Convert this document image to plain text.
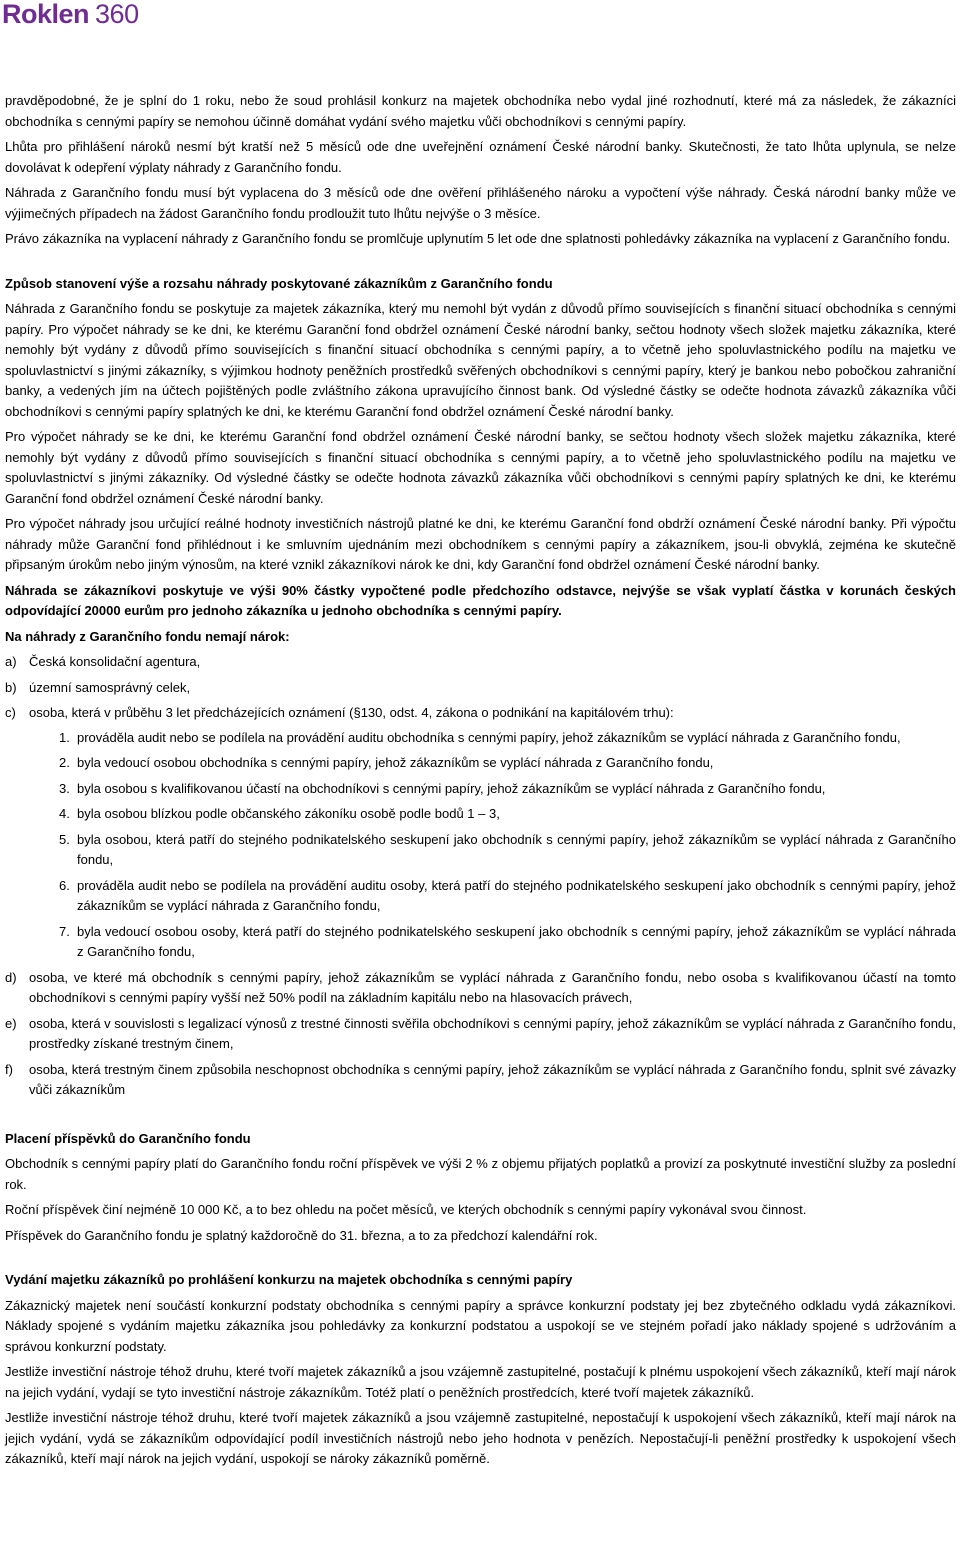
Roklen 360

pravděpodobné, že je splní do 1 roku, nebo že soud prohlásil konkurz na majetek obchodníka nebo vydal jiné rozhodnutí, které má za následek, že zákazníci obchodníka s cennými papíry se nemohou účinně domáhat vydání svého majetku vůči obchodníkovi s cennými papíry.

Lhůta pro přihlášení nároků nesmí být kratší než 5 měsíců ode dne uveřejnění oznámení České národní banky. Skutečnosti, že tato lhůta uplynula, se nelze dovolávat k odepření výplaty náhrady z Garančního fondu.

Náhrada z Garančního fondu musí být vyplacena do 3 měsíců ode dne ověření přihlášeného nároku a vypočtení výše náhrady. Česká národní banky může ve výjimečných případech na žádost Garančního fondu prodloužit tuto lhůtu nejvýše o 3 měsíce.

Právo zákazníka na vyplacení náhrady z Garančního fondu se promlčuje uplynutím 5 let ode dne splatnosti pohledávky zákazníka na vyplacení z Garančního fondu.

Způsob stanovení výše a rozsahu náhrady poskytované zákazníkům z Garančního fondu

Náhrada z Garančního fondu se poskytuje za majetek zákazníka, který mu nemohl být vydán z důvodů přímo souvisejících s finanční situací obchodníka s cennými papíry. Pro výpočet náhrady se ke dni, ke kterému Garanční fond obdržel oznámení České národní banky, sečtou hodnoty všech složek majetku zákazníka, které nemohly být vydány z důvodů přímo souvisejících s finanční situací obchodníka s cennými papíry, a to včetně jeho spoluvlastnického podílu na majetku ve spoluvlastnictví s jinými zákazníky, s výjimkou hodnoty peněžních prostředků svěřených obchodníkovi s cennými papíry, který je bankou nebo pobočkou zahraniční banky, a vedených jím na účtech pojištěných podle zvláštního zákona upravujícího činnost bank. Od výsledné částky se odečte hodnota závazků zákazníka vůči obchodníkovi s cennými papíry splatných ke dni, ke kterému Garanční fond obdržel oznámení České národní banky.

Pro výpočet náhrady se ke dni, ke kterému Garanční fond obdržel oznámení České národní banky, se sečtou hodnoty všech složek majetku zákazníka, které nemohly být vydány z důvodů přímo souvisejících s finanční situací obchodníka s cennými papíry, a to včetně jeho spoluvlastnického podílu na majetku ve spoluvlastnictví s jinými zákazníky. Od výsledné částky se odečte hodnota závazků zákazníka vůči obchodníkovi s cennými papíry splatných ke dni, ke kterému Garanční fond obdržel oznámení České národní banky.

Pro výpočet náhrady jsou určující reálné hodnoty investičních nástrojů platné ke dni, ke kterému Garanční fond obdrží oznámení České národní banky. Při výpočtu náhrady může Garanční fond přihlédnout i ke smluvním ujednáním mezi obchodníkem s cennými papíry a zákazníkem, jsou-li obvyklá, zejména ke skutečně připsaným úrokům nebo jiným výnosům, na které vznikl zákazníkovi nárok ke dni, kdy Garanční fond obdržel oznámení České národní banky.

Náhrada se zákazníkovi poskytuje ve výši 90% částky vypočtené podle předchozího odstavce, nejvýše se však vyplatí částka v korunách českých odpovídající 20000 eurům pro jednoho zákazníka u jednoho obchodníka s cennými papíry.

Na náhrady z Garančního fondu nemají nárok:

a) Česká konsolidační agentura,
b) územní samosprávný celek,
c) osoba, která v průběhu 3 let předcházejících oznámení (§130, odst. 4, zákona o podnikání na kapitálovém trhu):
1. prováděla audit nebo se podílela na provádění auditu obchodníka s cennými papíry, jehož zákazníkům se vyplácí náhrada z Garančního fondu,
2. byla vedoucí osobou obchodníka s cennými papíry, jehož zákazníkům se vyplácí náhrada z Garančního fondu,
3. byla osobou s kvalifikovanou účastí na obchodníkovi s cennými papíry, jehož zákazníkům se vyplácí náhrada z Garančního fondu,
4. byla osobou blízkou podle občanského zákoníku osobě podle bodů 1 – 3,
5. byla osobou, která patří do stejného podnikatelského seskupení jako obchodník s cennými papíry, jehož zákazníkům se vyplácí náhrada z Garančního fondu,
6. prováděla audit nebo se podílela na provádění auditu osoby, která patří do stejného podnikatelského seskupení jako obchodník s cennými papíry, jehož zákazníkům se vyplácí náhrada z Garančního fondu,
7. byla vedoucí osobou osoby, která patří do stejného podnikatelského seskupení jako obchodník s cennými papíry, jehož zákazníkům se vyplácí náhrada z Garančního fondu,
d) osoba, ve které má obchodník s cennými papíry, jehož zákazníkům se vyplácí náhrada z Garančního fondu, nebo osoba s kvalifikovanou účastí na tomto obchodníkovi s cennými papíry vyšší než 50% podíl na základním kapitálu nebo na hlasovacích právech,
e) osoba, která v souvislosti s legalizací výnosů z trestné činnosti svěřila obchodníkovi s cennými papíry, jehož zákazníkům se vyplácí náhrada z Garančního fondu, prostředky získané trestným činem,
f) osoba, která trestným činem způsobila neschopnost obchodníka s cennými papíry, jehož zákazníkům se vyplácí náhrada z Garančního fondu, splnit své závazky vůči zákazníkům
Placení příspěvků do Garančního fondu

Obchodník s cennými papíry platí do Garančního fondu roční příspěvek ve výši 2 % z objemu přijatých poplatků a provizí za poskytnuté investiční služby za poslední rok.

Roční příspěvek činí nejméně 10 000 Kč, a to bez ohledu na počet měsíců, ve kterých obchodník s cennými papíry vykonával svou činnost.

Příspěvek do Garančního fondu je splatný každoročně do 31. března, a to za předchozí kalendářní rok.

Vydání majetku zákazníků po prohlášení konkurzu na majetek obchodníka s cennými papíry

Zákaznický majetek není součástí konkurzní podstaty obchodníka s cennými papíry a správce konkurzní podstaty jej bez zbytečného odkladu vydá zákazníkovi. Náklady spojené s vydáním majetku zákazníka jsou pohledávky za konkurzní podstatou a uspokojí se ve stejném pořadí jako náklady spojené s udržováním a správou konkurzní podstaty.

Jestliže investiční nástroje téhož druhu, které tvoří majetek zákazníků a jsou vzájemně zastupitelné, postačují k plnému uspokojení všech zákazníků, kteří mají nárok na jejich vydání, vydají se tyto investiční nástroje zákazníkům. Totéž platí o peněžních prostředcích, které tvoří majetek zákazníků.

Jestliže investiční nástroje téhož druhu, které tvoří majetek zákazníků a jsou vzájemně zastupitelné, nepostačují k uspokojení všech zákazníků, kteří mají nárok na jejich vydání, vydá se zákazníkům odpovídající podíl investičních nástrojů nebo jeho hodnota v penězích. Nepostačují-li peněžní prostředky k uspokojení všech zákazníků, kteří mají nárok na jejich vydání, uspokojí se nároky zákazníků poměrně.
